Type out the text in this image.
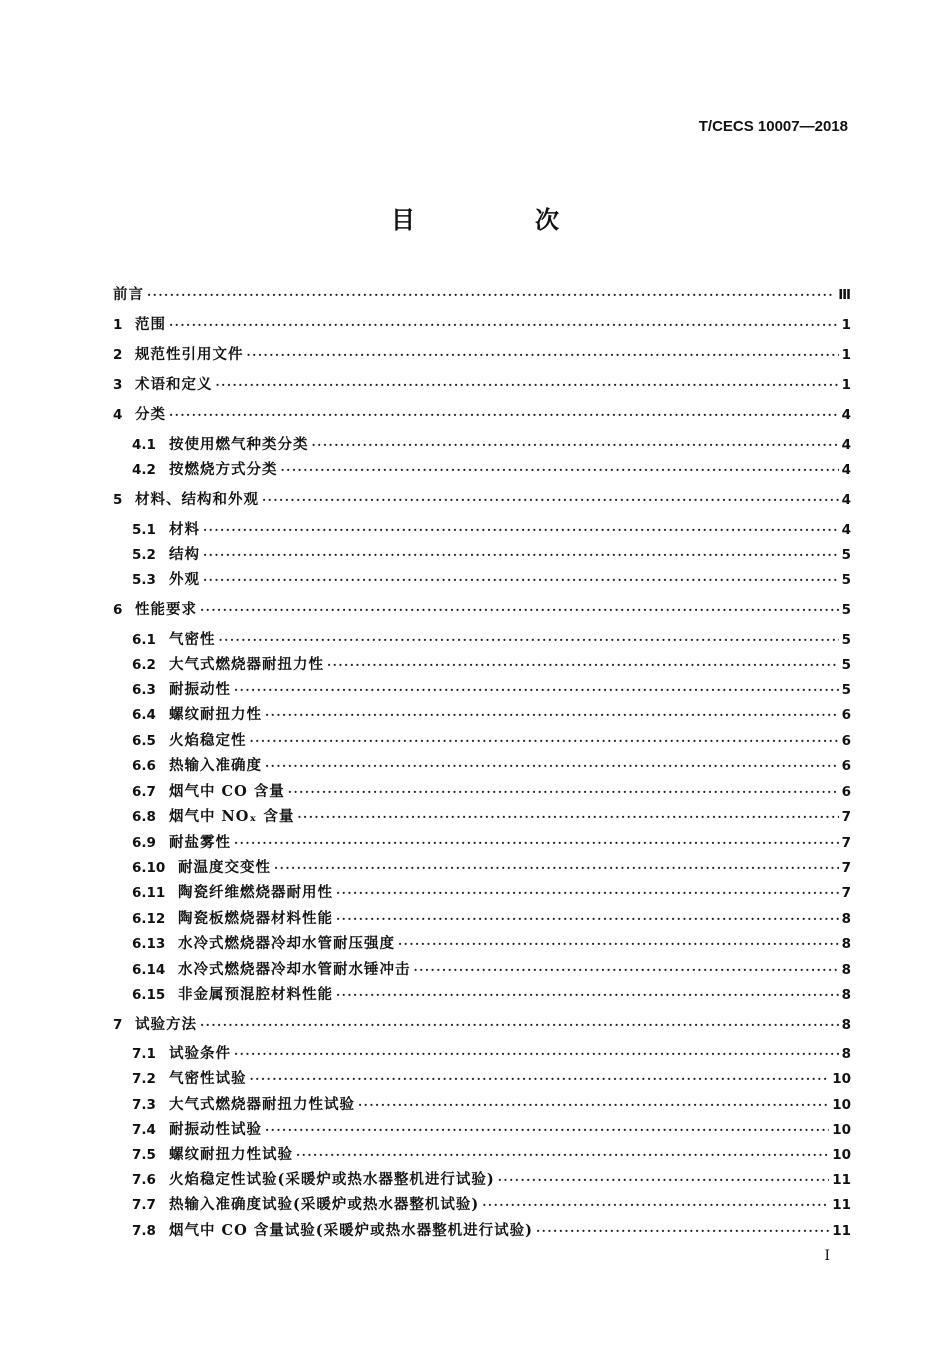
T/CECS 10007—2018
目　次
前言 ·····	Ⅲ
1 范围 ·····	1
2 规范性引用文件 ·····	1
3 术语和定义 ·····	1
4 分类 ·····	4
4.1 按使用燃气种类分类 ·····	4
4.2 按燃烧方式分类 ·····	4
5 材料、结构和外观 ·····	4
5.1 材料 ·····	4
5.2 结构 ·····	5
5.3 外观 ·····	5
6 性能要求 ·····	5
6.1 气密性 ·····	5
6.2 大气式燃烧器耐扭力性 ·····	5
6.3 耐振动性 ·····	5
6.4 螺纹耐扭力性 ·····	6
6.5 火焰稳定性 ·····	6
6.6 热输入准确度 ·····	6
6.7 烟气中 CO 含量 ·····	6
6.8 烟气中 NOₓ 含量 ·····	7
6.9 耐盐雾性 ·····	7
6.10 耐温度交变性 ·····	7
6.11 陶瓷纤维燃烧器耐用性 ·····	7
6.12 陶瓷板燃烧器材料性能 ·····	8
6.13 水冷式燃烧器冷却水管耐压强度 ·····	8
6.14 水冷式燃烧器冷却水管耐水锤冲击 ·····	8
6.15 非金属预混腔材料性能 ·····	8
7 试验方法 ·····	8
7.1 试验条件 ·····	8
7.2 气密性试验 ·····	10
7.3 大气式燃烧器耐扭力性试验 ·····	10
7.4 耐振动性试验 ·····	10
7.5 螺纹耐扭力性试验 ·····	10
7.6 火焰稳定性试验(采暖炉或热水器整机进行试验) ·····	11
7.7 热输入准确度试验(采暖炉或热水器整机试验) ·····	11
7.8 烟气中 CO 含量试验(采暖炉或热水器整机进行试验) ·····	11
I
